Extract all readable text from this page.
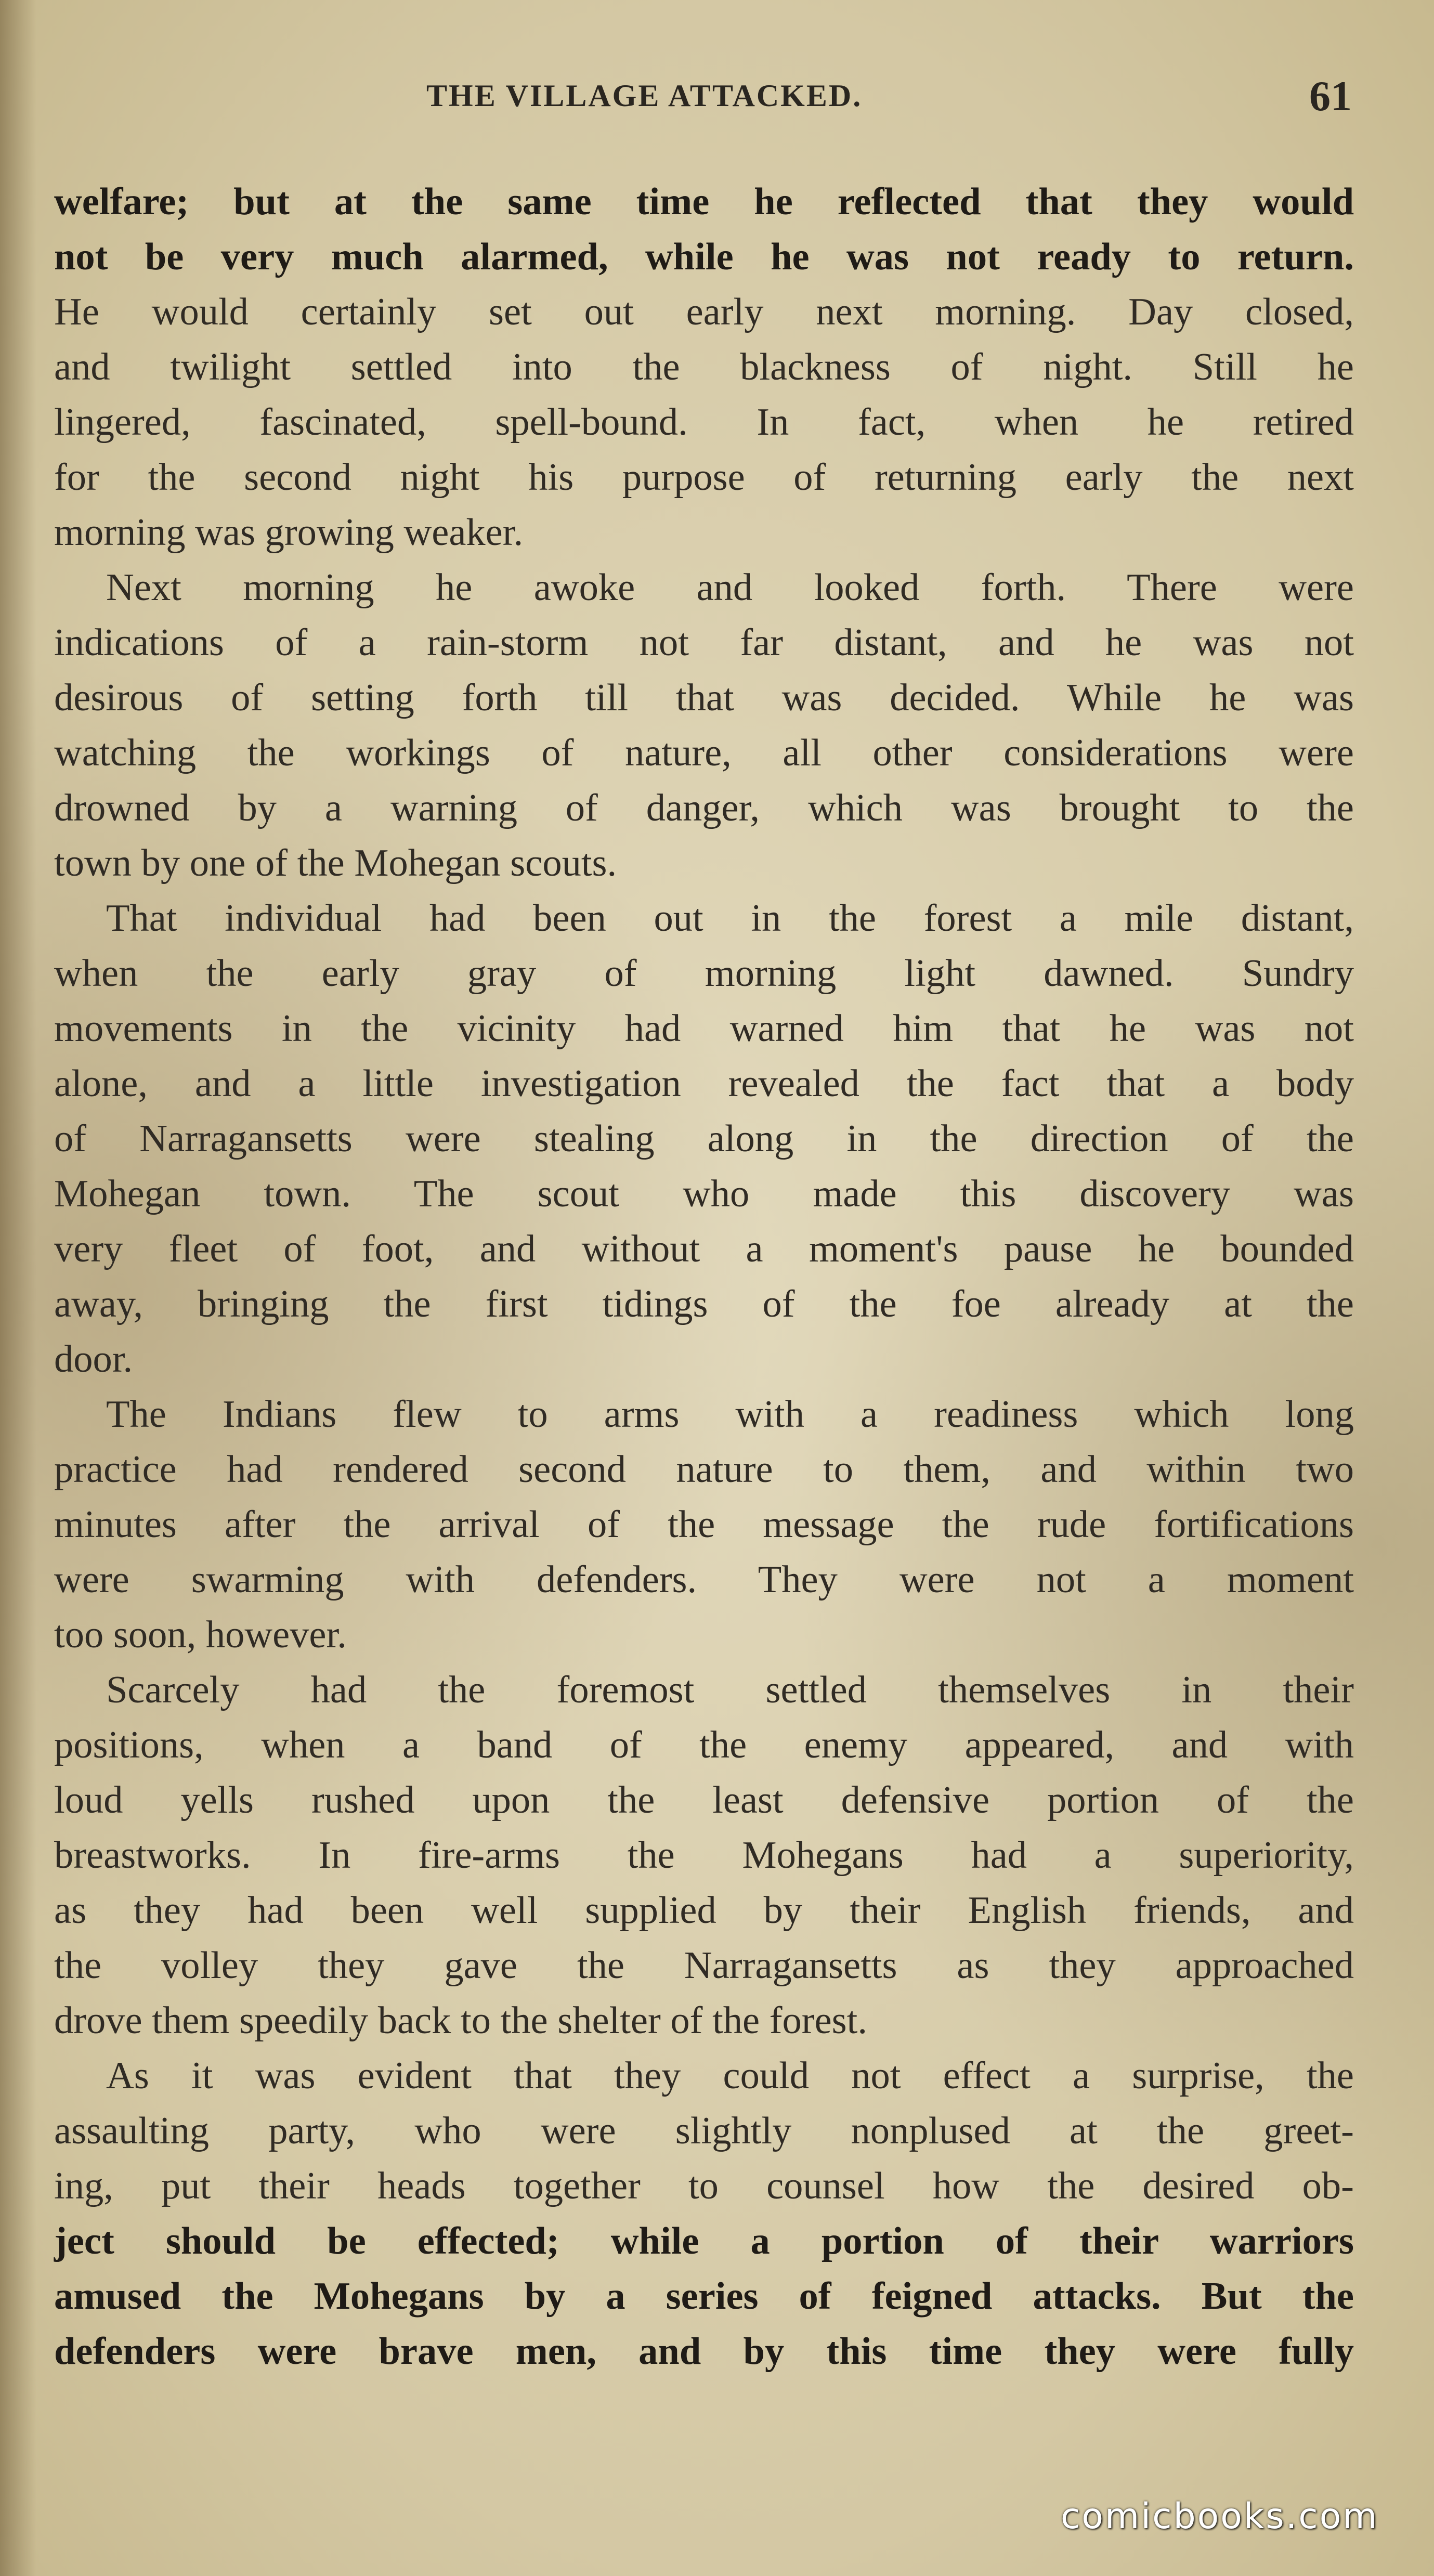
THE VILLAGE ATTACKED.	61
welfare; but at the same time he reflected that they would
not be very much alarmed, while he was not ready to return.
He would certainly set out early next morning. Day closed,
and twilight settled into the blackness of night. Still he
lingered, fascinated, spell-bound. In fact, when he retired
for the second night his purpose of returning early the next
morning was growing weaker.
Next morning he awoke and looked forth. There were
indications of a rain-storm not far distant, and he was not
desirous of setting forth till that was decided. While he was
watching the workings of nature, all other considerations were
drowned by a warning of danger, which was brought to the
town by one of the Mohegan scouts.
That individual had been out in the forest a mile distant,
when the early gray of morning light dawned. Sundry
movements in the vicinity had warned him that he was not
alone, and a little investigation revealed the fact that a body
of Narragansetts were stealing along in the direction of the
Mohegan town. The scout who made this discovery was
very fleet of foot, and without a moment's pause he bounded
away, bringing the first tidings of the foe already at the
door.
The Indians flew to arms with a readiness which long
practice had rendered second nature to them, and within two
minutes after the arrival of the message the rude fortifications
were swarming with defenders. They were not a moment
too soon, however.
Scarcely had the foremost settled themselves in their
positions, when a band of the enemy appeared, and with
loud yells rushed upon the least defensive portion of the
breastworks. In fire-arms the Mohegans had a superiority,
as they had been well supplied by their English friends, and
the volley they gave the Narragansetts as they approached
drove them speedily back to the shelter of the forest.
As it was evident that they could not effect a surprise, the
assaulting party, who were slightly nonplused at the greet-
ing, put their heads together to counsel how the desired ob-
ject should be effected; while a portion of their warriors
amused the Mohegans by a series of feigned attacks. But the
defenders were brave men, and by this time they were fully
comicbooks.com
